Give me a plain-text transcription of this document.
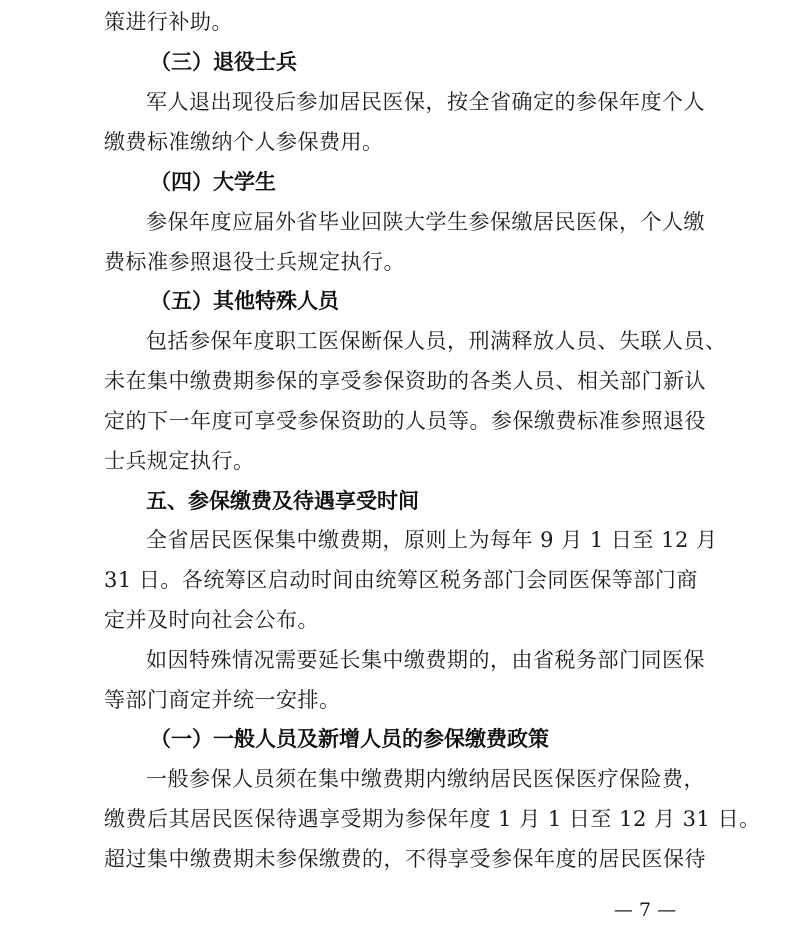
策进行补助。
（三）退役士兵
军人退出现役后参加居民医保，按全省确定的参保年度个人
缴费标准缴纳个人参保费用。
（四）大学生
参保年度应届外省毕业回陕大学生参保缴居民医保，个人缴
费标准参照退役士兵规定执行。
（五）其他特殊人员
包括参保年度职工医保断保人员，刑满释放人员、失联人员、
未在集中缴费期参保的享受参保资助的各类人员、相关部门新认
定的下一年度可享受参保资助的人员等。参保缴费标准参照退役
士兵规定执行。
五、参保缴费及待遇享受时间
全省居民医保集中缴费期，原则上为每年 9 月 1 日至 12 月
31 日。各统筹区启动时间由统筹区税务部门会同医保等部门商
定并及时向社会公布。
如因特殊情况需要延长集中缴费期的，由省税务部门同医保
等部门商定并统一安排。
（一）一般人员及新增人员的参保缴费政策
一般参保人员须在集中缴费期内缴纳居民医保医疗保险费，
缴费后其居民医保待遇享受期为参保年度 1 月 1 日至 12 月 31 日。
超过集中缴费期未参保缴费的，不得享受参保年度的居民医保待
— 7 —
